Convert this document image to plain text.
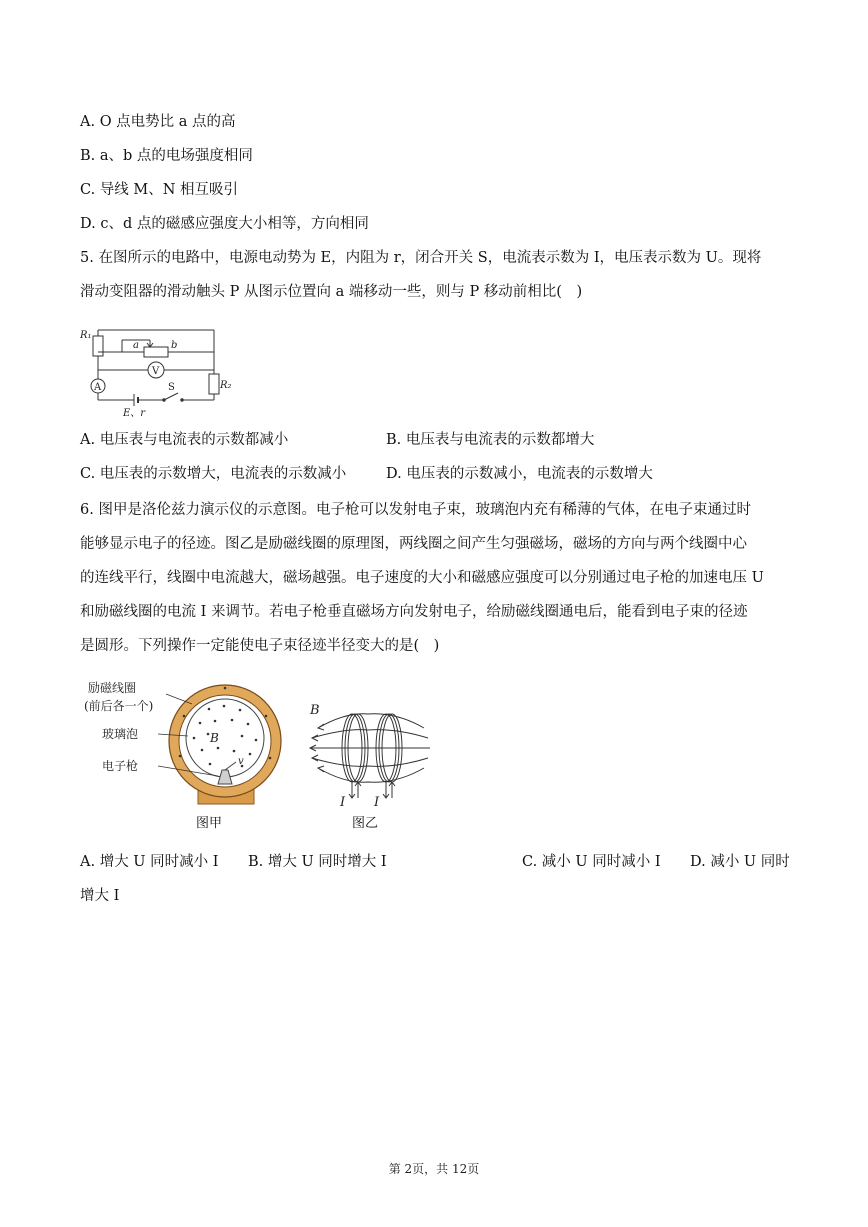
A. O 点电势比 a 点的高
B. a、b 点的电场强度相同
C. 导线 M、N 相互吸引
D. c、d 点的磁感应强度大小相等，方向相同
5. 在图所示的电路中，电源电动势为 E，内阻为 r，闭合开关 S，电流表示数为 I，电压表示数为 U。现将
滑动变阻器的滑动触头 P 从图示位置向 a 端移动一些，则与 P 移动前相比(　)
R₁
a	b
R₂
E、r
V
A	S
A. 电压表与电流表的示数都减小	B. 电压表与电流表的示数都增大
C. 电压表的示数增大，电流表的示数减小	D. 电压表的示数减小，电流表的示数增大
6. 图甲是洛伦兹力演示仪的示意图。电子枪可以发射电子束，玻璃泡内充有稀薄的气体，在电子束通过时
能够显示电子的径迹。图乙是励磁线圈的原理图，两线圈之间产生匀强磁场，磁场的方向与两个线圈中心
的连线平行，线圈中电流越大，磁场越强。电子速度的大小和磁感应强度可以分别通过电子枪的加速电压 U
和励磁线圈的电流 I 来调节。若电子枪垂直磁场方向发射电子，给励磁线圈通电后，能看到电子束的径迹
是圆形。下列操作一定能使电子束径迹半径变大的是(　)
励磁线圈
(前后各一个)
玻璃泡
电子枪
B
v
图甲
B
I I
图乙
A. 增大 U 同时减小 I B. 增大 U 同时增大 I	C. 减小 U 同时减小 I D. 减小 U 同时
增大 I
第 2页，共 12页
